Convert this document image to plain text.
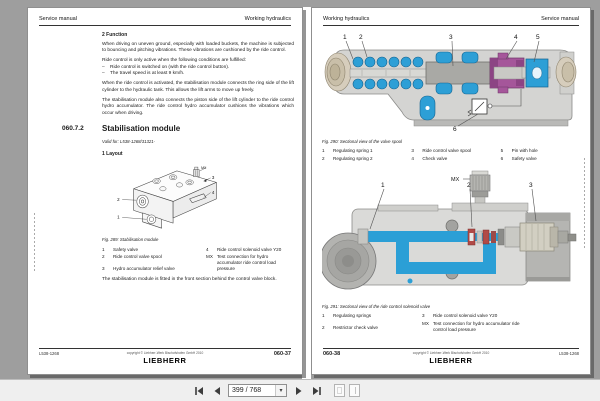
Service manual	Working hydraulics
2 Function
When driving on uneven ground, especially with loaded buckets, the machine is subjected to bouncing and pitching vibrations. These vibrations are cushioned by the ride control.
Ride control is only active when the following conditions are fulfilled:
–	Ride control is switched on (with the ride control button).
–	The travel speed is at least 9 km/h.
When the ride control is activated, the stabilisation module connects the ring side of the lift cylinder to the hydraulic tank. This allows the lift arms to move up freely.
The stabilisation module also connects the piston side of the lift cylinder to the ride control hydro accumulator. The ride control hydro accumulator cushions the vibrations which occur when driving.
060.7.2 Stabilisation module
Valid for: L538-1268/31321-
1 Layout
MX
3
4
2
1
Fig. 289: Stabilisation module
1	Safety valve
2	Ride control valve spool
3	Hydro accumulator relief valve
4	Ride control solenoid valve Y20
MX Test connection for hydro accumulator ride control load pressure
The stabilisation module is fitted in the front section behind the control valve block.
L538-1268	copyright © Liebherr-Werk Bischofshofen GmbH 2010
LIEBHERR
060-37
Working hydraulics	Service manual
1 2	3	4	5
6
Fig. 290: Sectional view of the valve spool
1	Regulating spring 1
2	Regulating spring 2
3	Ride control valve spool
4	Check valve
5	Pin with hole
6	Safety valve
1	2	3
MX
Fig. 291: Sectional view of the ride control solenoid valve
1	Regulating springs
2	Restrictor check valve
3	Ride control solenoid valve Y20
MX Test connection for hydro accumulator ride control load pressure
060-38	copyright © Liebherr-Werk Bischofshofen GmbH 2010
LIEBHERR
L538-1268
399 / 768	▾
